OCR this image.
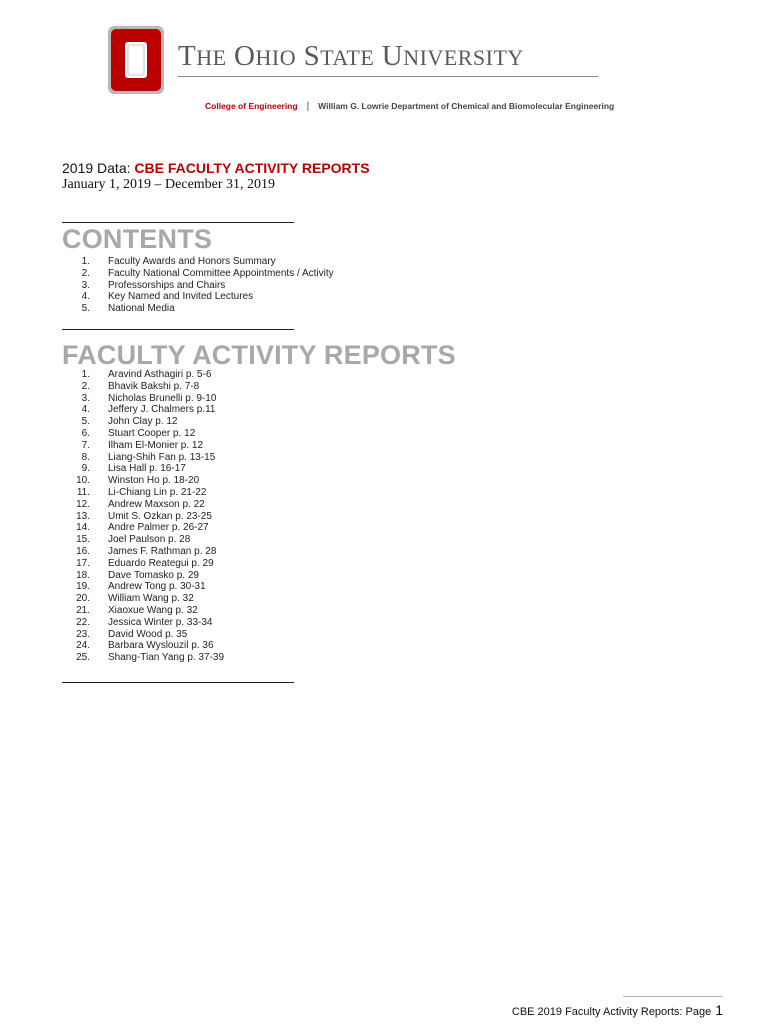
THE OHIO STATE UNIVERSITY
College of Engineering | William G. Lowrie Department of Chemical and Biomolecular Engineering
2019 Data: CBE FACULTY ACTIVITY REPORTS
January 1, 2019 – December 31, 2019
CONTENTS
1. Faculty Awards and Honors Summary
2. Faculty National Committee Appointments / Activity
3. Professorships and Chairs
4. Key Named and Invited Lectures
5. National Media
FACULTY ACTIVITY REPORTS
1. Aravind Asthagiri p. 5-6
2. Bhavik Bakshi p. 7-8
3. Nicholas Brunelli p. 9-10
4. Jeffery J. Chalmers p.11
5. John Clay p. 12
6. Stuart Cooper p. 12
7. Ilham El-Monier p. 12
8. Liang-Shih Fan p. 13-15
9. Lisa Hall p. 16-17
10. Winston Ho p. 18-20
11. Li-Chiang Lin p. 21-22
12. Andrew Maxson p. 22
13. Umit S. Ozkan p. 23-25
14. Andre Palmer p. 26-27
15. Joel Paulson p. 28
16. James F. Rathman p. 28
17. Eduardo Reategui p. 29
18. Dave Tomasko p. 29
19. Andrew Tong p. 30-31
20. William Wang p. 32
21. Xiaoxue Wang p. 32
22. Jessica Winter p. 33-34
23. David Wood p. 35
24. Barbara Wyslouzil p. 36
25. Shang-Tian Yang p. 37-39
CBE 2019 Faculty Activity Reports: Page 1
